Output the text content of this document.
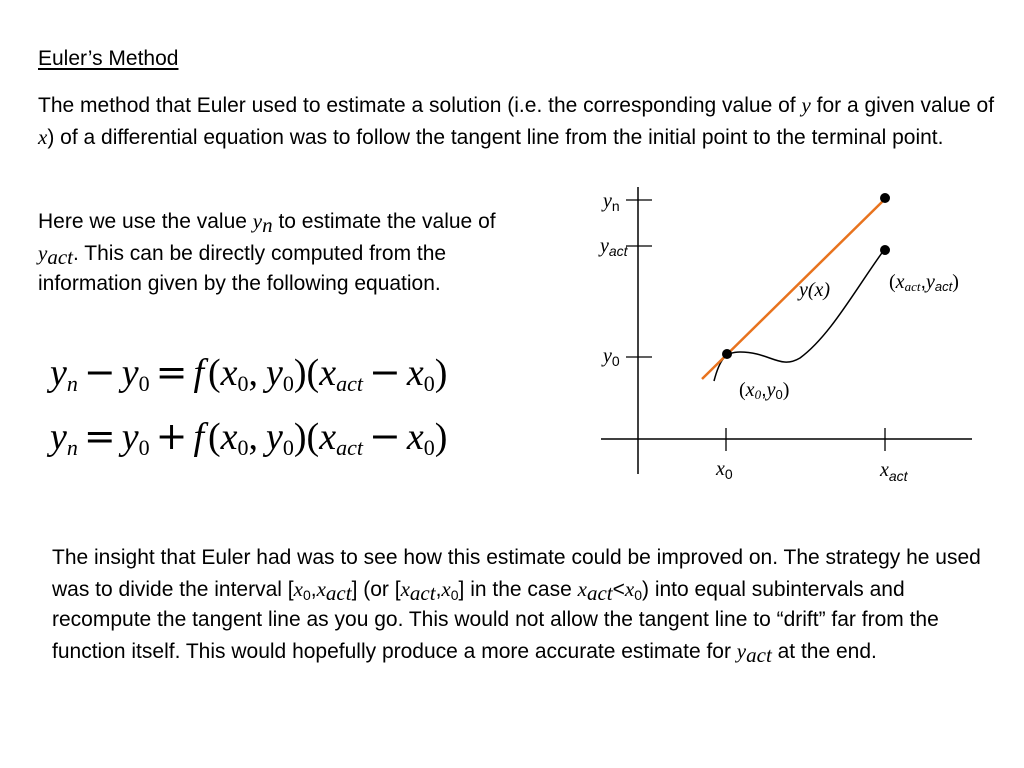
Euler’s Method
The method that Euler used to estimate a solution (i.e. the corresponding value of y for a given value of x) of a differential equation was to follow the tangent line from the initial point to the terminal point.
Here we use the value $y_n$ to estimate the value of $y_{act}$. This can be directly computed from the information given by the following equation.
$y_n - y_0 = f$ ($x_0$, $y_0)(x_{act} - x_0)$
$y_n = y_0 + f$ ($x_0$, $y_0)(x_{act} - x_0)$
$y_n$
$y_{act}$
$y_0$
$x_0$	$x_{act}$
y(x)
(x0,y0)
(xact,yact)
The insight that Euler had was to see how this estimate could be improved on. The strategy he used was to divide the interval $[x_0,x_{act}]$ (or $[x_{act},x_0]$ in the case $x_{act}<x_0$) into equal subintervals and recompute the tangent line as you go. This would not allow the tangent line to “drift” far from the function itself. This would hopefully produce a more accurate estimate for $y_{act}$ at the end.
